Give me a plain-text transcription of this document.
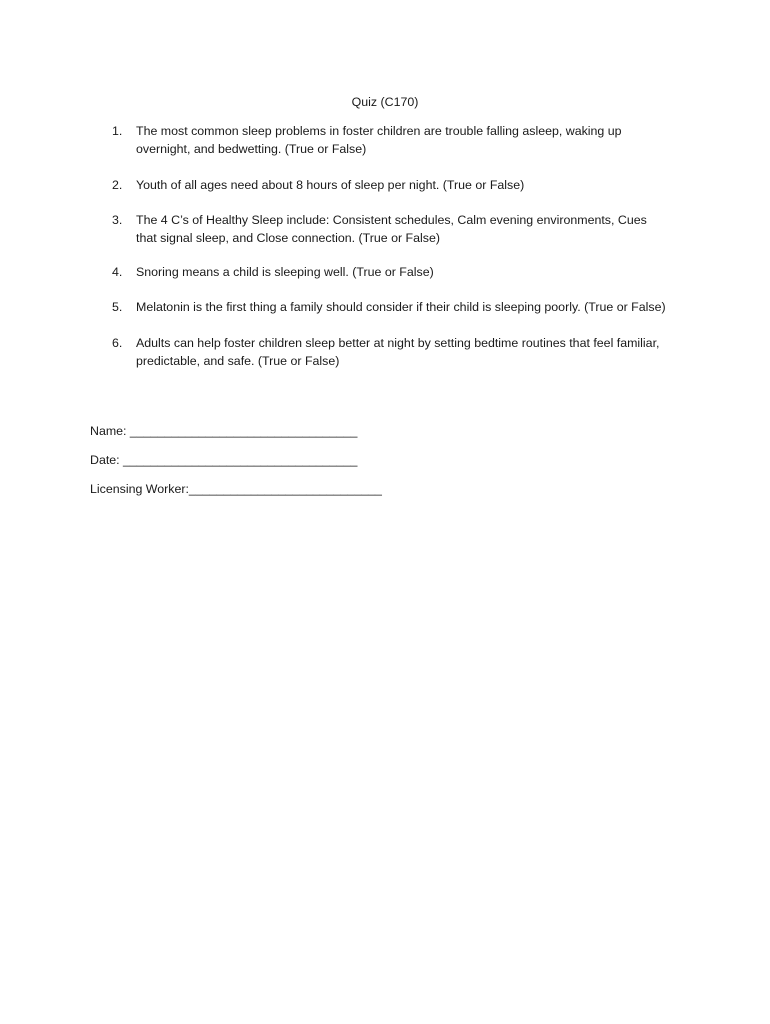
Quiz (C170)
1. The most common sleep problems in foster children are trouble falling asleep, waking up overnight, and bedwetting. (True or False)
2. Youth of all ages need about 8 hours of sleep per night. (True or False)
3. The 4 C’s of Healthy Sleep include: Consistent schedules, Calm evening environments, Cues that signal sleep, and Close connection. (True or False)
4. Snoring means a child is sleeping well. (True or False)
5. Melatonin is the first thing a family should consider if their child is sleeping poorly. (True or False)
6. Adults can help foster children sleep better at night by setting bedtime routines that feel familiar, predictable, and safe. (True or False)
Name: _________________________________
Date: __________________________________
Licensing Worker:____________________________
